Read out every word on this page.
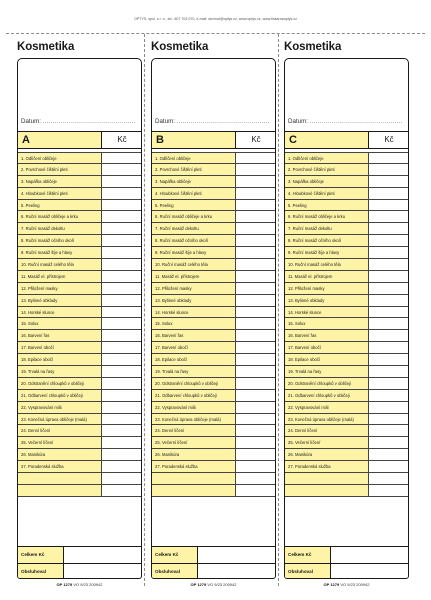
OPTYS, spol. s r. o., tel.: 607 703 070, e-mail: obchod@optys.cz, www.optys.cz, www.tiskarnaoptys.cz
Kosmetika
Datum: ..............................................
A	Kč
1. Odlíčení obličeje
2. Povrchové čištění pleti
3. Napářka obličeje
4. Hloubkové čištění pleti
5. Peeling
6. Ruční masáž obličeje a krku
7. Ruční masáž dekoltu
8. Ruční masáž očního okolí
9. Ruční masáž šíje a hlavy
10. Ruční masáž celého těla
11. Masáž el. přístrojem
12. Přiložení masky
13. Bylinné obklady
14. Horské slunce
15. Solux
16. Barvení řas
17. Barvení obočí
18. Epilace obočí
19. Trvalá na řasy
20. Odstranění chloupků v obličeji
21. Odbarvení chloupků v obličeji
22. Vyspravování milii
23. Konečná úprava obličeje (malá)
24. Denní líčení
25. Večerní líčení
26. Manikúra
27. Poradenská služba
Celkem Kč
Obsluhoval
OP 1279 VO 9/23 200942
Kosmetika
Datum: ..............................................
B	Kč
1. Odlíčení obličeje
2. Povrchové čištění pleti
3. Napářka obličeje
4. Hloubkové čištění pleti
5. Peeling
6. Ruční masáž obličeje a krku
7. Ruční masáž dekoltu
8. Ruční masáž očního okolí
9. Ruční masáž šíje a hlavy
10. Ruční masáž celého těla
11. Masáž el. přístrojem
12. Přiložení masky
13. Bylinné obklady
14. Horské slunce
15. Solux
16. Barvení řas
17. Barvení obočí
18. Epilace obočí
19. Trvalá na řasy
20. Odstranění chloupků v obličeji
21. Odbarvení chloupků v obličeji
22. Vyspravování milii
23. Konečná úprava obličeje (malá)
24. Denní líčení
25. Večerní líčení
26. Manikúra
27. Poradenská služba
Celkem Kč
Obsluhoval
OP 1279 VO 9/23 200942
Kosmetika
Datum: ..............................................
C	Kč
1. Odlíčení obličeje
2. Povrchové čištění pleti
3. Napářka obličeje
4. Hloubkové čištění pleti
5. Peeling
6. Ruční masáž obličeje a krku
7. Ruční masáž dekoltu
8. Ruční masáž očního okolí
9. Ruční masáž šíje a hlavy
10. Ruční masáž celého těla
11. Masáž el. přístrojem
12. Přiložení masky
13. Bylinné obklady
14. Horské slunce
15. Solux
16. Barvení řas
17. Barvení obočí
18. Epilace obočí
19. Trvalá na řasy
20. Odstranění chloupků v obličeji
21. Odbarvení chloupků v obličeji
22. Vyspravování milii
23. Konečná úprava obličeje (malá)
24. Denní líčení
25. Večerní líčení
26. Manikúra
27. Poradenská služba
Celkem Kč
Obsluhoval
OP 1279 VO 9/23 200942
